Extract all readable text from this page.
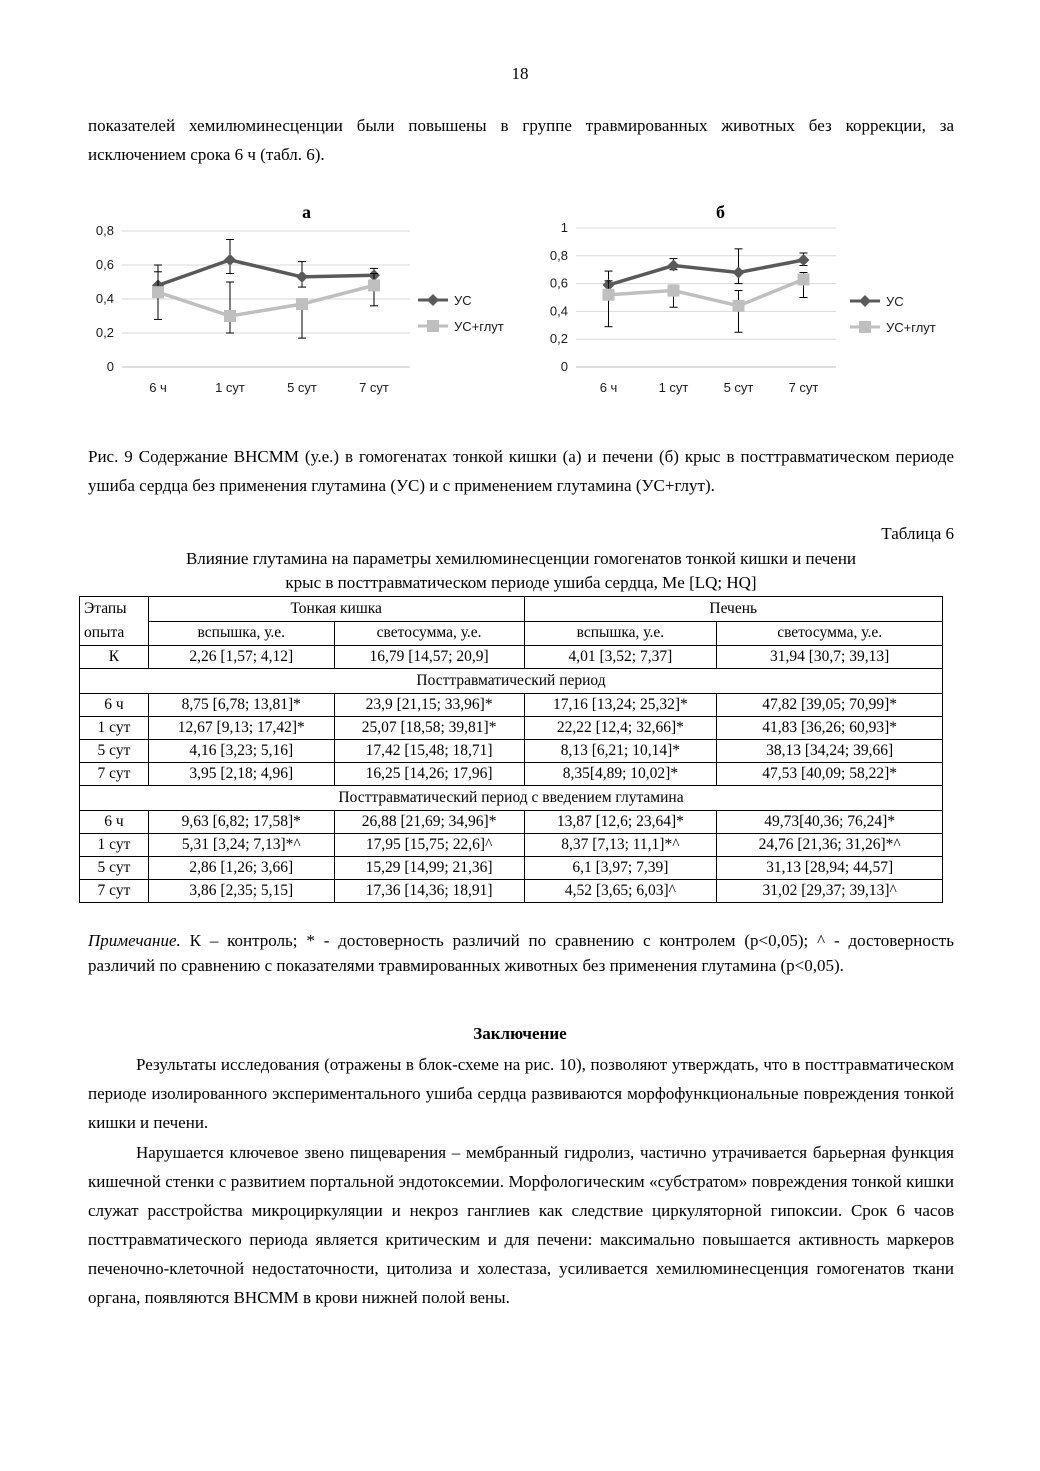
18
показателей хемилюминесценции были повышены в группе травмированных животных без коррекции, за исключением срока 6 ч (табл. 6).
а
0
0,2
0,4
0,6
0,8
6 ч	1 сут	5 сут	7 сут
УС
УС+глут
б
0
0,2
0,4
0,6
0,8
1
6 ч	1 сут	5 сут	7 сут
УС
УС+глут
Рис. 9 Содержание ВНСММ (у.е.) в гомогенатах тонкой кишки (а) и печени (б) крыс в посттравматическом периоде ушиба сердца без применения глутамина (УС) и с применением глутамина (УС+глут).
Таблица 6
Влияние глутамина на параметры хемилюминесценции гомогенатов тонкой кишки и печени
крыс в посттравматическом периоде ушиба сердца, Me [LQ; HQ]
Этапы
опыта	Тонкая кишка		Печень	
	вспышка, у.е.	светосумма, у.е.	вспышка, у.е.	светосумма, у.е.
К	2,26 [1,57; 4,12]	16,79 [14,57; 20,9]	4,01 [3,52; 7,37]	31,94 [30,7; 39,13]
Посттравматический период				
6 ч	8,75 [6,78; 13,81]*	23,9 [21,15; 33,96]*	17,16 [13,24; 25,32]*	47,82 [39,05; 70,99]*
1 сут	12,67 [9,13; 17,42]*	25,07 [18,58; 39,81]*	22,22 [12,4; 32,66]*	41,83 [36,26; 60,93]*
5 сут	4,16 [3,23; 5,16]	17,42 [15,48; 18,71]	8,13 [6,21; 10,14]*	38,13 [34,24; 39,66]
7 сут	3,95 [2,18; 4,96]	16,25 [14,26; 17,96]	8,35[4,89; 10,02]*	47,53 [40,09; 58,22]*
Посттравматический период с введением глутамина				
6 ч	9,63 [6,82; 17,58]*	26,88 [21,69; 34,96]*	13,87 [12,6; 23,64]*	49,73[40,36; 76,24]*
1 сут	5,31 [3,24; 7,13]*^	17,95 [15,75; 22,6]^	8,37 [7,13; 11,1]*^	24,76 [21,36; 31,26]*^
5 сут	2,86 [1,26; 3,66]	15,29 [14,99; 21,36]	6,1 [3,97; 7,39]	31,13 [28,94; 44,57]
7 сут	3,86 [2,35; 5,15]	17,36 [14,36; 18,91]	4,52 [3,65; 6,03]^	31,02 [29,37; 39,13]^
Примечание. К – контроль; * - достоверность различий по сравнению с контролем (p<0,05); ^ - достоверность различий по сравнению с показателями травмированных животных без применения глутамина (p<0,05).
Заключение
Результаты исследования (отражены в блок-схеме на рис. 10), позволяют утверждать, что в посттравматическом периоде изолированного экспериментального ушиба сердца развиваются морфофункциональные повреждения тонкой кишки и печени.
Нарушается ключевое звено пищеварения – мембранный гидролиз, частично утрачивается барьерная функция кишечной стенки с развитием портальной эндотоксемии. Морфологическим «субстратом» повреждения тонкой кишки служат расстройства микроциркуляции и некроз ганглиев как следствие циркуляторной гипоксии. Срок 6 часов посттравматического периода является критическим и для печени: максимально повышается активность маркеров печеночно-клеточной недостаточности, цитолиза и холестаза, усиливается хемилюминесценция гомогенатов ткани органа, появляются ВНСММ в крови нижней полой вены.
